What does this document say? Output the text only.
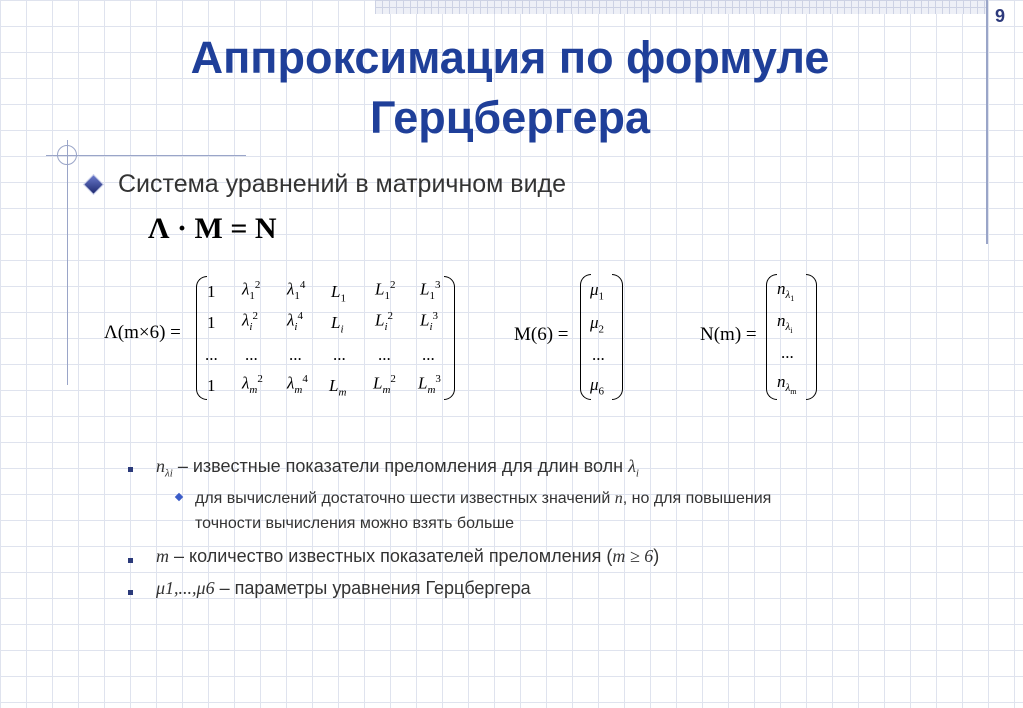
9
Аппроксимация по формуле
Герцбергера
Система уравнений в матричном виде
Λ · M = N
Λ(m×6) =
1 $\lambda_1^2$ $\lambda_1^4$ $L_1$ $L_1^2$ $L_1^3$
1 $\lambda_i^2$ $\lambda_i^4$ $L_i$ $L_i^2$ $L_i^3$
... ... ... ... ... ...
1 $\lambda_m^2$ $\lambda_m^4$ $L_m$ $L_m^2$ $L_m^3$
M(6) =
$\mu_1$
$\mu_2$
...
$\mu_6$
N(m) =
$n_{\lambda_1}$
$n_{\lambda_i}$
...
$n_{\lambda_m}$
$n_{\lambda i}$ – известные показатели преломления для длин волн $\lambda_i$
для вычислений достаточно шести известных значений n, но для повышения
точности вычисления можно взять больше
m – количество известных показателей преломления (m ≥ 6)
μ1,...,μ6 – параметры уравнения Герцбергера
